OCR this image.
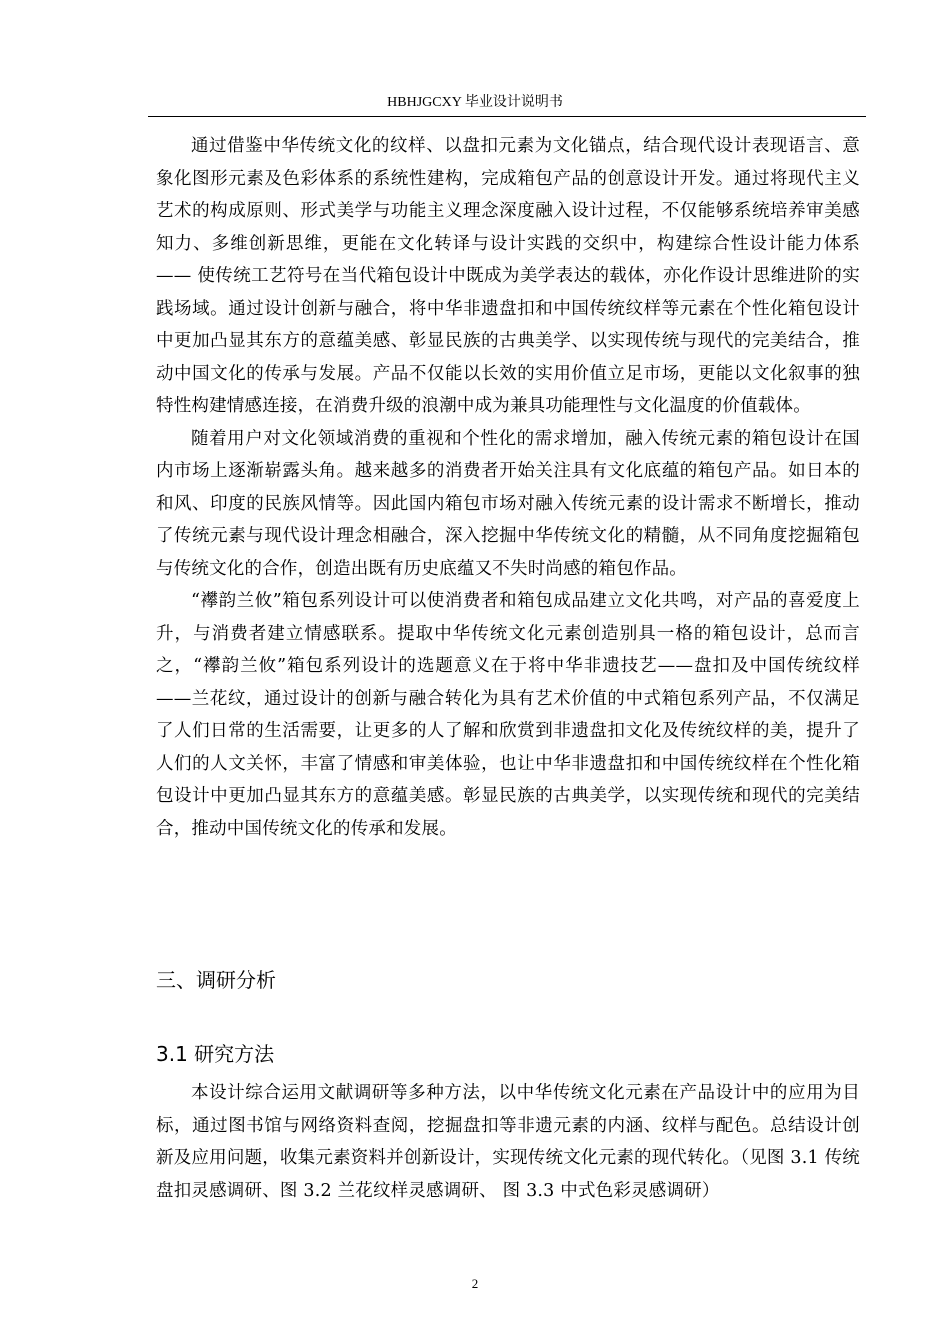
HBHJGCXY 毕业设计说明书

通过借鉴中华传统文化的纹样、以盘扣元素为文化锚点，结合现代设计表现语言、意象化图形元素及色彩体系的系统性建构，完成箱包产品的创意设计开发。通过将现代主义艺术的构成原则、形式美学与功能主义理念深度融入设计过程，不仅能够系统培养审美感知力、多维创新思维，更能在文化转译与设计实践的交织中，构建综合性设计能力体系 —— 使传统工艺符号在当代箱包设计中既成为美学表达的载体，亦化作设计思维进阶的实践场域。通过设计创新与融合，将中华非遗盘扣和中国传统纹样等元素在个性化箱包设计中更加凸显其东方的意蕴美感、彰显民族的古典美学、以实现传统与现代的完美结合，推动中国文化的传承与发展。产品不仅能以长效的实用价值立足市场，更能以文化叙事的独特性构建情感连接，在消费升级的浪潮中成为兼具功能理性与文化温度的价值载体。

随着用户对文化领域消费的重视和个性化的需求增加，融入传统元素的箱包设计在国内市场上逐渐崭露头角。越来越多的消费者开始关注具有文化底蕴的箱包产品。如日本的和风、印度的民族风情等。因此国内箱包市场对融入传统元素的设计需求不断增长，推动了传统元素与现代设计理念相融合，深入挖掘中华传统文化的精髓，从不同角度挖掘箱包与传统文化的合作，创造出既有历史底蕴又不失时尚感的箱包作品。

“襻韵兰攸”箱包系列设计可以使消费者和箱包成品建立文化共鸣，对产品的喜爱度上升，与消费者建立情感联系。提取中华传统文化元素创造别具一格的箱包设计，总而言之，“襻韵兰攸”箱包系列设计的选题意义在于将中华非遗技艺——盘扣及中国传统纹样——兰花纹，通过设计的创新与融合转化为具有艺术价值的中式箱包系列产品，不仅满足了人们日常的生活需要，让更多的人了解和欣赏到非遗盘扣文化及传统纹样的美，提升了人们的人文关怀，丰富了情感和审美体验，也让中华非遗盘扣和中国传统纹样在个性化箱包设计中更加凸显其东方的意蕴美感。彰显民族的古典美学，以实现传统和现代的完美结合，推动中国传统文化的传承和发展。

三、调研分析
3.1 研究方法

本设计综合运用文献调研等多种方法，以中华传统文化元素在产品设计中的应用为目标，通过图书馆与网络资料查阅，挖掘盘扣等非遗元素的内涵、纹样与配色。总结设计创新及应用问题，收集元素资料并创新设计，实现传统文化元素的现代转化。（见图 3.1 传统盘扣灵感调研、图 3.2 兰花纹样灵感调研、 图 3.3 中式色彩灵感调研）

2
